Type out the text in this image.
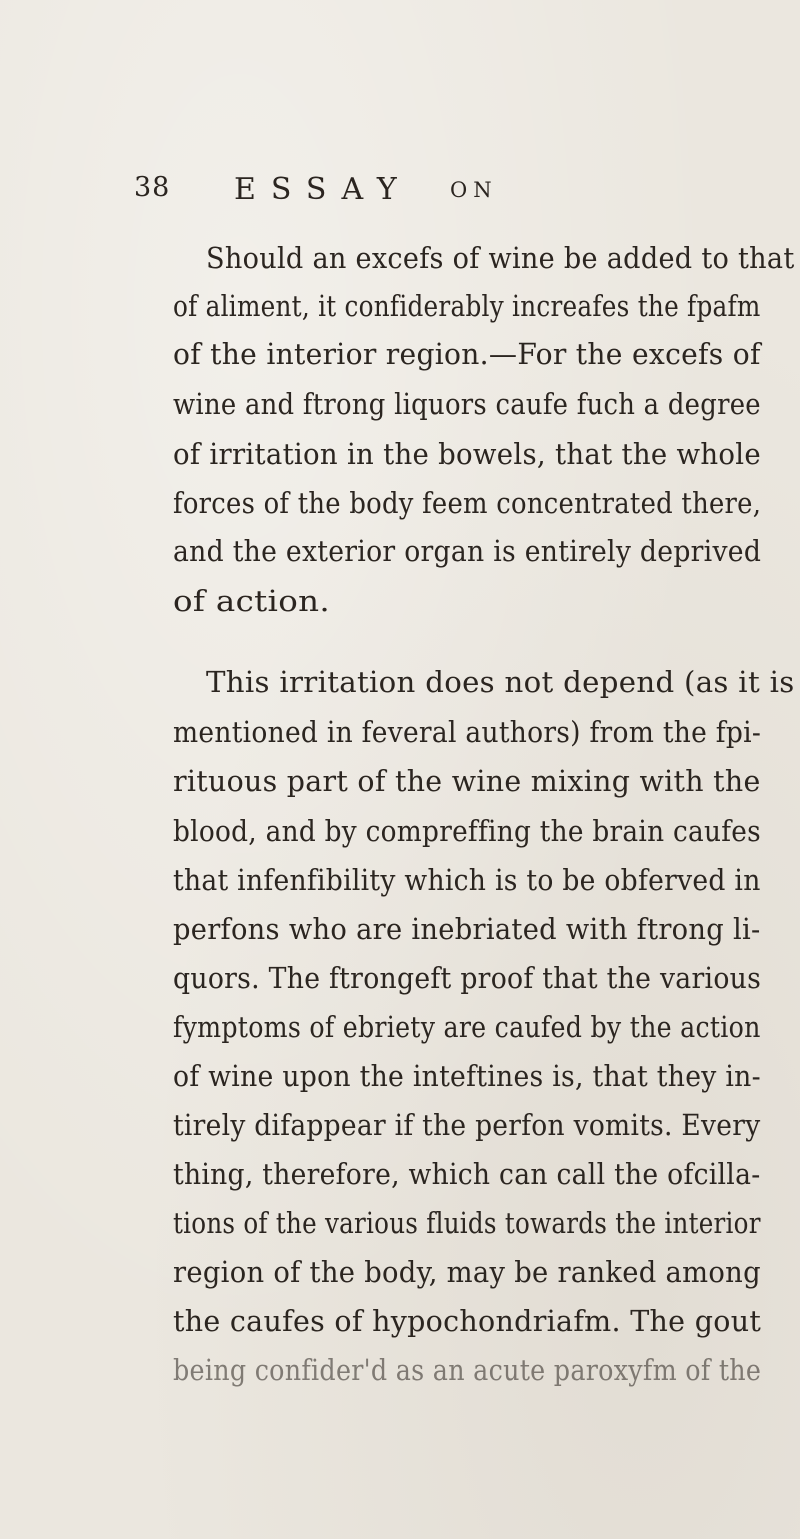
38 ESSAY ON
Should an excefs of wine be added to that
of aliment, it confiderably increafes the fpafm
of the interior region.—For the excefs of
wine and ftrong liquors caufe fuch a degree
of irritation in the bowels, that the whole
forces of the body feem concentrated there,
and the exterior organ is entirely deprived
of action.
This irritation does not depend (as it is
mentioned in feveral authors) from the fpi-
rituous part of the wine mixing with the
blood, and by compreffing the brain caufes
that infenfibility which is to be obferved in
perfons who are inebriated with ftrong li-
quors. The ftrongeft proof that the various
fymptoms of ebriety are caufed by the action
of wine upon the inteftines is, that they in-
tirely difappear if the perfon vomits. Every
thing, therefore, which can call the ofcilla-
tions of the various fluids towards the interior
region of the body, may be ranked among
the caufes of hypochondriafm. The gout
being confider'd as an acute paroxyfm of the
